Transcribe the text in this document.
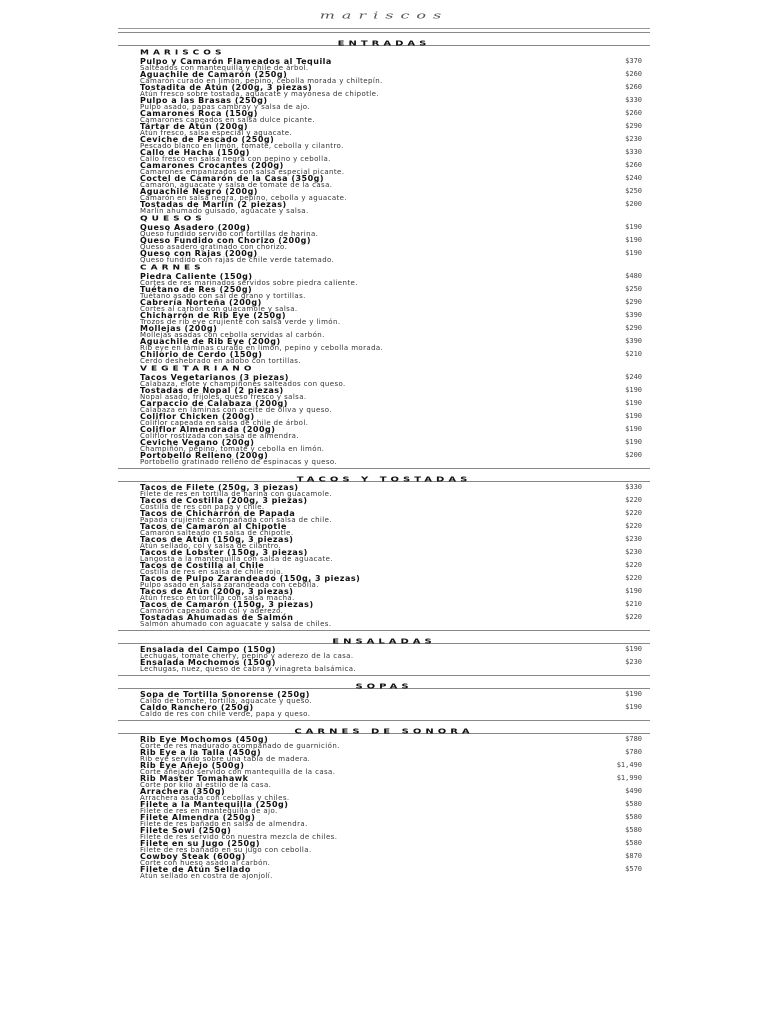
mariscos
ENTRADAS
MARISCOS
Pulpo y Camarón Flameados al Tequila
Salteados con mantequilla y chile de árbol.
$370
Aguachile de Camarón (250g)
Camarón curado en limón, pepino, cebolla morada y chiltepín.
$260
Tostadita de Atún (200g, 3 piezas)
Atún fresco sobre tostada, aguacate y mayonesa de chipotle.
$260
Pulpo a las Brasas (250g)
Pulpo asado, papas cambray y salsa de ajo.
$330
Camarones Roca (150g)
Camarones capeados en salsa dulce picante.
$260
Tártar de Atún (200g)
Atún fresco, salsa especial y aguacate.
$290
Ceviche de Pescado (250g)
Pescado blanco en limón, tomate, cebolla y cilantro.
$230
Callo de Hacha (150g)
Callo fresco en salsa negra con pepino y cebolla.
$330
Camarones Crocantes (200g)
Camarones empanizados con salsa especial picante.
$260
Coctel de Camarón de la Casa (350g)
Camarón, aguacate y salsa de tomate de la casa.
$240
Aguachile Negro (200g)
Camarón en salsa negra, pepino, cebolla y aguacate.
$250
Tostadas de Marlín (2 piezas)
Marlín ahumado guisado, aguacate y salsa.
$200
QUESOS
Queso Asadero (200g)
Queso fundido servido con tortillas de harina.
$190
Queso Fundido con Chorizo (200g)
Queso asadero gratinado con chorizo.
$190
Queso con Rajas (200g)
Queso fundido con rajas de chile verde tatemado.
$190
CARNES
Piedra Caliente (150g)
Cortes de res marinados servidos sobre piedra caliente.
$480
Tuétano de Res (250g)
Tuétano asado con sal de grano y tortillas.
$250
Cabrería Norteña (200g)
Cortes al carbón con guacamole y salsa.
$290
Chicharrón de Rib Eye (250g)
Trozos de rib eye crujiente con salsa verde y limón.
$390
Mollejas (200g)
Mollejas asadas con cebolla servidas al carbón.
$290
Aguachile de Rib Eye (200g)
Rib eye en láminas curado en limón, pepino y cebolla morada.
$390
Chilorio de Cerdo (150g)
Cerdo deshebrado en adobo con tortillas.
$210
VEGETARIANO
Tacos Vegetarianos (3 piezas)
Calabaza, elote y champiñones salteados con queso.
$240
Tostadas de Nopal (2 piezas)
Nopal asado, frijoles, queso fresco y salsa.
$190
Carpaccio de Calabaza (200g)
Calabaza en láminas con aceite de oliva y queso.
$190
Coliflor Chicken (200g)
Coliflor capeada en salsa de chile de árbol.
$190
Coliflor Almendrada (200g)
Coliflor rostizada con salsa de almendra.
$190
Ceviche Vegano (200g)
Champiñón, pepino, tomate y cebolla en limón.
$190
Portobello Relleno (200g)
Portobello gratinado relleno de espinacas y queso.
$200
TACOS Y TOSTADAS
Tacos de Filete (250g, 3 piezas)
Filete de res en tortilla de harina con guacamole.
$330
Tacos de Costilla (200g, 3 piezas)
Costilla de res con papa y chile.
$220
Tacos de Chicharrón de Papada
Papada crujiente acompañada con salsa de chile.
$220
Tacos de Camarón al Chipotle
Camarón salteado en salsa de chipotle.
$220
Tacos de Atún (150g, 3 piezas)
Atún sellado, col y salsa de cilantro.
$230
Tacos de Lobster (150g, 3 piezas)
Langosta a la mantequilla con salsa de aguacate.
$230
Tacos de Costilla al Chile
Costilla de res en salsa de chile rojo.
$220
Tacos de Pulpo Zarandeado (150g, 3 piezas)
Pulpo asado en salsa zarandeada con cebolla.
$220
Tacos de Atún (200g, 3 piezas)
Atún fresco en tortilla con salsa macha.
$190
Tacos de Camarón (150g, 3 piezas)
Camarón capeado con col y aderezo.
$210
Tostadas Ahumadas de Salmón
Salmón ahumado con aguacate y salsa de chiles.
$220
ENSALADAS
Ensalada del Campo (150g)
Lechugas, tomate cherry, pepino y aderezo de la casa.
$190
Ensalada Mochomos (150g)
Lechugas, nuez, queso de cabra y vinagreta balsámica.
$230
SOPAS
Sopa de Tortilla Sonorense (250g)
Caldo de tomate, tortilla, aguacate y queso.
$190
Caldo Ranchero (250g)
Caldo de res con chile verde, papa y queso.
$190
CARNES DE SONORA
Rib Eye Mochomos (450g)
Corte de res madurado acompañado de guarnición.
$780
Rib Eye a la Talla (450g)
Rib eye servido sobre una tabla de madera.
$780
Rib Eye Añejo (500g)
Corte añejado servido con mantequilla de la casa.
$1,490
Rib Master Tomahawk
Corte por kilo al estilo de la casa.
$1,990
Arrachera (350g)
Arrachera asada con cebollas y chiles.
$490
Filete a la Mantequilla (250g)
Filete de res en mantequilla de ajo.
$580
Filete Almendra (250g)
Filete de res bañado en salsa de almendra.
$580
Filete Sowi (250g)
Filete de res servido con nuestra mezcla de chiles.
$580
Filete en su Jugo (250g)
Filete de res bañado en su jugo con cebolla.
$580
Cowboy Steak (600g)
Corte con hueso asado al carbón.
$870
Filete de Atún Sellado
Atún sellado en costra de ajonjolí.
$570
